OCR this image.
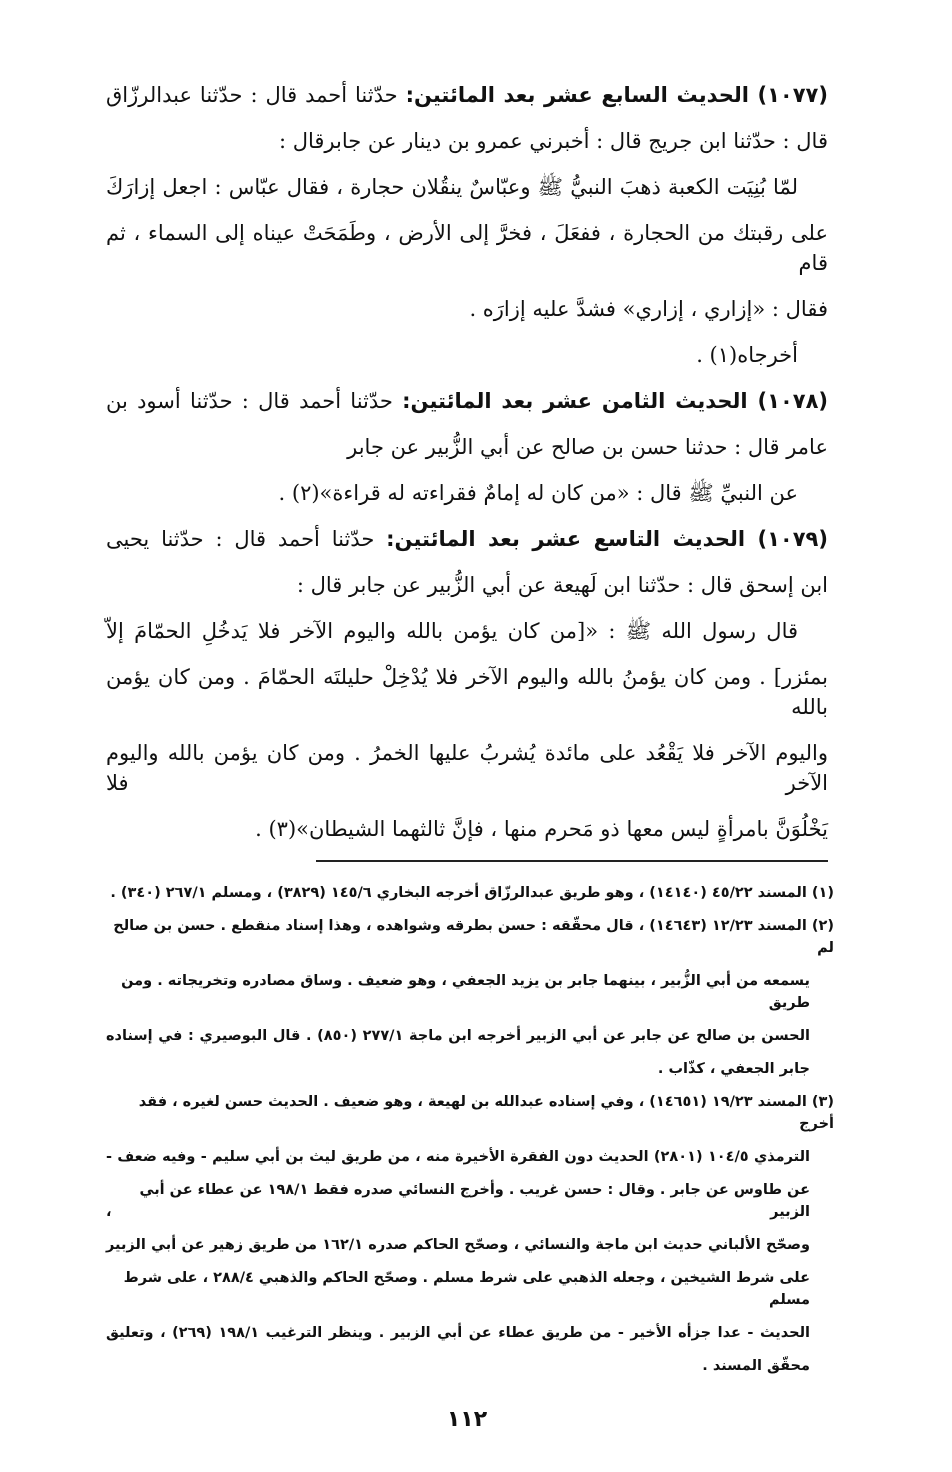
(١٠٧٧) الحديث السابع عشر بعد المائتين: حدّثنا أحمد قال : حدّثنا عبدالرزّاق
قال : حدّثنا ابن جريج قال : أخبرني عمرو بن دينار عن جابرقال :
لمّا بُنِيَت الكعبة ذهبَ النبيُّ ﷺ وعبّاسٌ ينقُلان حجارة ، فقال عبّاس : اجعل إزارَكَ
على رقبتك من الحجارة ، ففعَلَ ، فخرَّ إلى الأرض ، وطَمَحَتْ عيناه إلى السماء ، ثم قام
فقال : «إزاري ، إزاري» فشدَّ عليه إزارَه .
أخرجاه(١) .
(١٠٧٨) الحديث الثامن عشر بعد المائتين: حدّثنا أحمد قال : حدّثنا أسود بن
عامر قال : حدثنا حسن بن صالح عن أبي الزُّبير عن جابر
عن النبيِّ ﷺ قال : «من كان له إمامٌ فقراءته له قراءة»(٢) .
(١٠٧٩) الحديث التاسع عشر بعد المائتين: حدّثنا أحمد قال : حدّثنا يحيى
ابن إسحق قال : حدّثنا ابن لَهيعة عن أبي الزُّبير عن جابر قال :
قال رسول الله ﷺ : «[من كان يؤمن بالله واليوم الآخر فلا يَدخُلِ الحمّامَ إلاّ
بمئزر] . ومن كان يؤمنُ بالله واليوم الآخر فلا يُدْخِلْ حليلتَه الحمّامَ . ومن كان يؤمن بالله
واليوم الآخر فلا يَقْعُد على مائدة يُشربُ عليها الخمرُ . ومن كان يؤمن بالله واليوم الآخر فلا
يَخْلُوَنَّ بامرأةٍ ليس معها ذو مَحرم منها ، فإنَّ ثالثهما الشيطان»(٣) .
(١) المسند ٤٥/٢٢ (١٤١٤٠) ، وهو طريق عبدالرزّاق أخرجه البخاري ١٤٥/٦ (٣٨٢٩) ، ومسلم ٢٦٧/١ (٣٤٠) .
(٢) المسند ١٢/٢٣ (١٤٦٤٣) ، قال محقّقه : حسن بطرقه وشواهده ، وهذا إسناد منقطع . حسن بن صالح لم
يسمعه من أبي الزُّبير ، بينهما جابر بن يزيد الجعفي ، وهو ضعيف . وساق مصادره وتخريجاته . ومن طريق
الحسن بن صالح عن جابر عن أبي الزبير أخرجه ابن ماجة ٢٧٧/١ (٨٥٠) . قال البوصيري : في إسناده
جابر الجعفي ، كذّاب .
(٣) المسند ١٩/٢٣ (١٤٦٥١) ، وفي إسناده عبدالله بن لهيعة ، وهو ضعيف . الحديث حسن لغيره ، فقد أخرج
الترمذي ١٠٤/٥ (٢٨٠١) الحديث دون الفقرة الأخيرة منه ، من طريق ليث بن أبي سليم - وفيه ضعف -
عن طاوس عن جابر . وقال : حسن غريب . وأخرج النسائي صدره فقط ١٩٨/١ عن عطاء عن أبي الزبير ،
وصحّح الألباني حديث ابن ماجة والنسائي ، وصحّح الحاكم صدره ١٦٢/١ من طريق زهير عن أبي الزبير
على شرط الشيخين ، وجعله الذهبي على شرط مسلم . وصحّح الحاكم والذهبي ٢٨٨/٤ ، على شرط مسلم
الحديث - عدا جزأه الأخير - من طريق عطاء عن أبي الزبير . وينظر الترغيب ١٩٨/١ (٢٦٩) ، وتعليق
محقّق المسند .
١١٢
